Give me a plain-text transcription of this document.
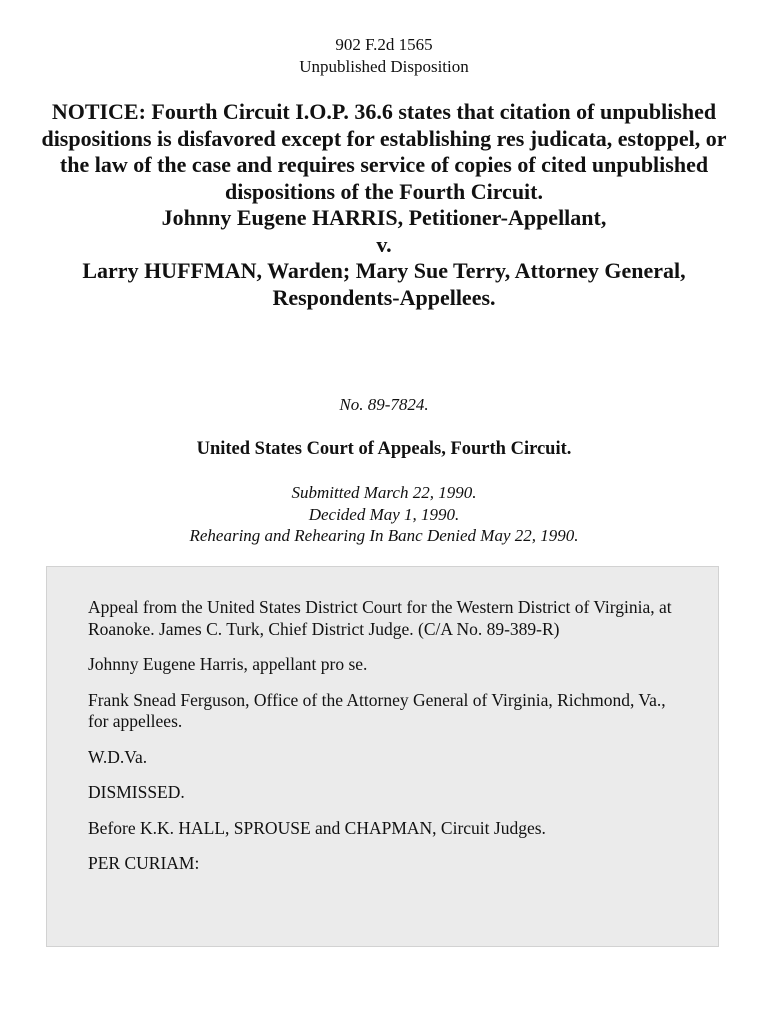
902 F.2d 1565
Unpublished Disposition
NOTICE: Fourth Circuit I.O.P. 36.6 states that citation of unpublished dispositions is disfavored except for establishing res judicata, estoppel, or the law of the case and requires service of copies of cited unpublished dispositions of the Fourth Circuit.
Johnny Eugene HARRIS, Petitioner-Appellant,
v.
Larry HUFFMAN, Warden; Mary Sue Terry, Attorney General,
Respondents-Appellees.
No. 89-7824.
United States Court of Appeals, Fourth Circuit.
Submitted March 22, 1990.
Decided May 1, 1990.
Rehearing and Rehearing In Banc Denied May 22, 1990.

Appeal from the United States District Court for the Western District of Virginia, at Roanoke. James C. Turk, Chief District Judge. (C/A No. 89-389-R)

Johnny Eugene Harris, appellant pro se.

Frank Snead Ferguson, Office of the Attorney General of Virginia, Richmond, Va., for appellees.

W.D.Va.

DISMISSED.

Before K.K. HALL, SPROUSE and CHAPMAN, Circuit Judges.

PER CURIAM:
